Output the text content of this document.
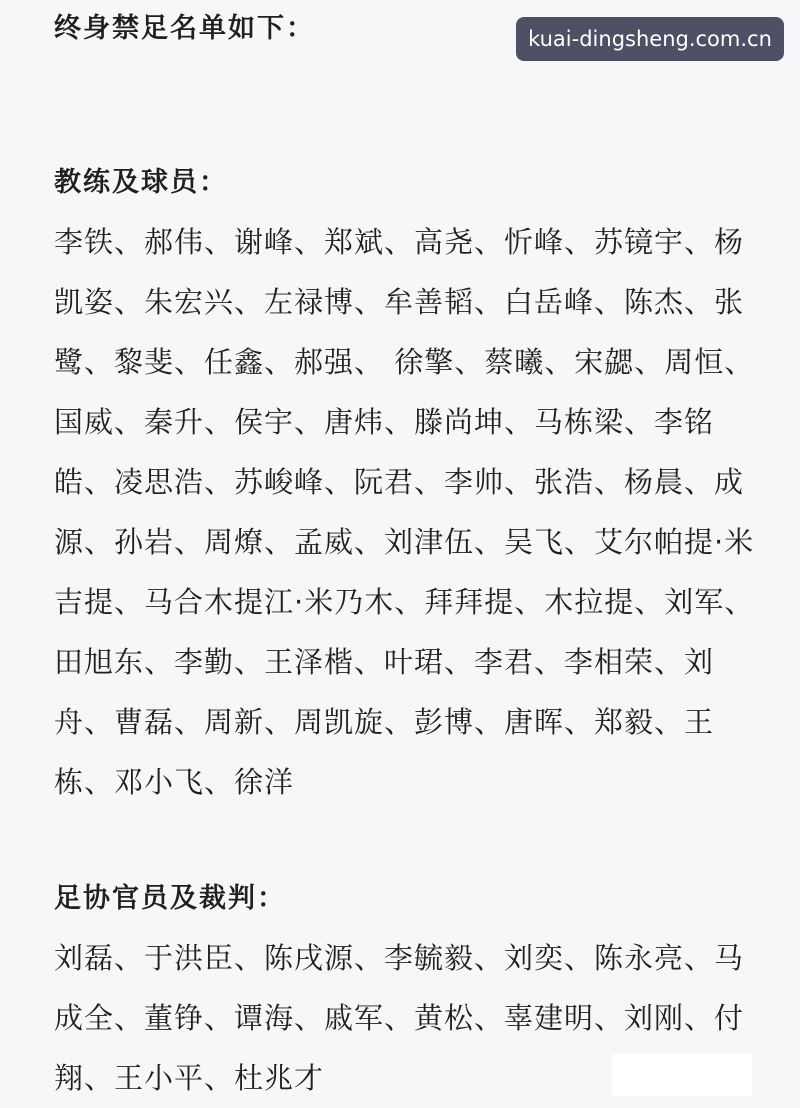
终身禁足名单如下：	kuai-dingsheng.com.cn
教练及球员：
李铁、郝伟、谢峰、郑斌、高尧、忻峰、苏镜宇、杨
凯姿、朱宏兴、左禄博、牟善韬、白岳峰、陈杰、张
鹭、黎斐、任鑫、郝强、 徐擎、蔡曦、宋勰、周恒、
国威、秦升、侯宇、唐炜、滕尚坤、马栋梁、李铭
皓、凌思浩、苏峻峰、阮君、李帅、张浩、杨晨、成
源、孙岩、周燎、孟威、刘津伍、吴飞、艾尔帕提·米
吉提、马合木提江·米乃木、拜拜提、木拉提、刘军、
田旭东、李勤、王泽楷、叶珺、李君、李相荣、刘
舟、曹磊、周新、周凯旋、彭博、唐晖、郑毅、王
栋、邓小飞、徐洋
足协官员及裁判：
刘磊、于洪臣、陈戌源、李毓毅、刘奕、陈永亮、马
成全、董铮、谭海、戚军、黄松、辜建明、刘刚、付
翔、王小平、杜兆才
